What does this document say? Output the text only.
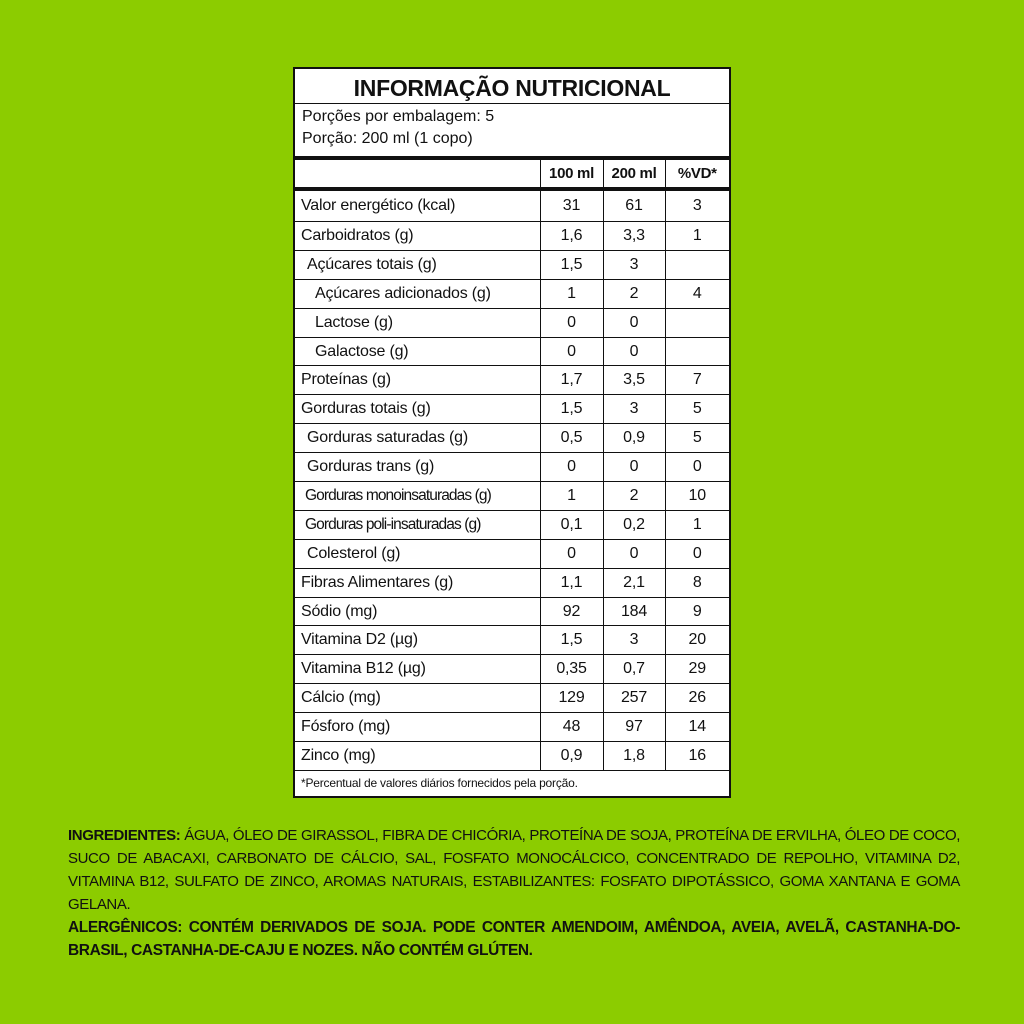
INFORMAÇÃO NUTRICIONAL
Porções por embalagem: 5
Porção: 200 ml (1 copo)
	100 ml	200 ml	%VD*
Valor energético (kcal)	31	61	3
Carboidratos (g)	1,6	3,3	1
Açúcares totais (g)	1,5	3	
Açúcares adicionados (g)	1	2	4
Lactose (g)	0	0	
Galactose (g)	0	0	
Proteínas (g)	1,7	3,5	7
Gorduras totais (g)	1,5	3	5
Gorduras saturadas (g)	0,5	0,9	5
Gorduras trans (g)	0	0	0
Gorduras monoinsaturadas (g)	1	2	10
Gorduras poli-insaturadas (g)	0,1	0,2	1
Colesterol (g)	0	0	0
Fibras Alimentares (g)	1,1	2,1	8
Sódio (mg)	92	184	9
Vitamina D2 (µg)	1,5	3	20
Vitamina B12 (µg)	0,35	0,7	29
Cálcio (mg)	129	257	26
Fósforo (mg)	48	97	14
Zinco (mg)	0,9	1,8	16
*Percentual de valores diários fornecidos pela porção.
INGREDIENTES: ÁGUA, ÓLEO DE GIRASSOL, FIBRA DE CHICÓRIA, PROTEÍNA DE SOJA, PROTEÍNA DE ERVILHA, ÓLEO DE COCO, SUCO DE ABACAXI, CARBONATO DE CÁLCIO, SAL, FOSFATO MONOCÁLCICO, CONCENTRADO DE REPOLHO, VITAMINA D2, VITAMINA B12, SULFATO DE ZINCO, AROMAS NATURAIS, ESTABILIZANTES: FOSFATO DIPOTÁSSICO, GOMA XANTANA E GOMA GELANA.
ALERGÊNICOS: CONTÉM DERIVADOS DE SOJA. PODE CONTER AMENDOIM, AMÊNDOA, AVEIA, AVELÃ, CASTANHA-DO-BRASIL, CASTANHA-DE-CAJU E NOZES. NÃO CONTÉM GLÚTEN.
